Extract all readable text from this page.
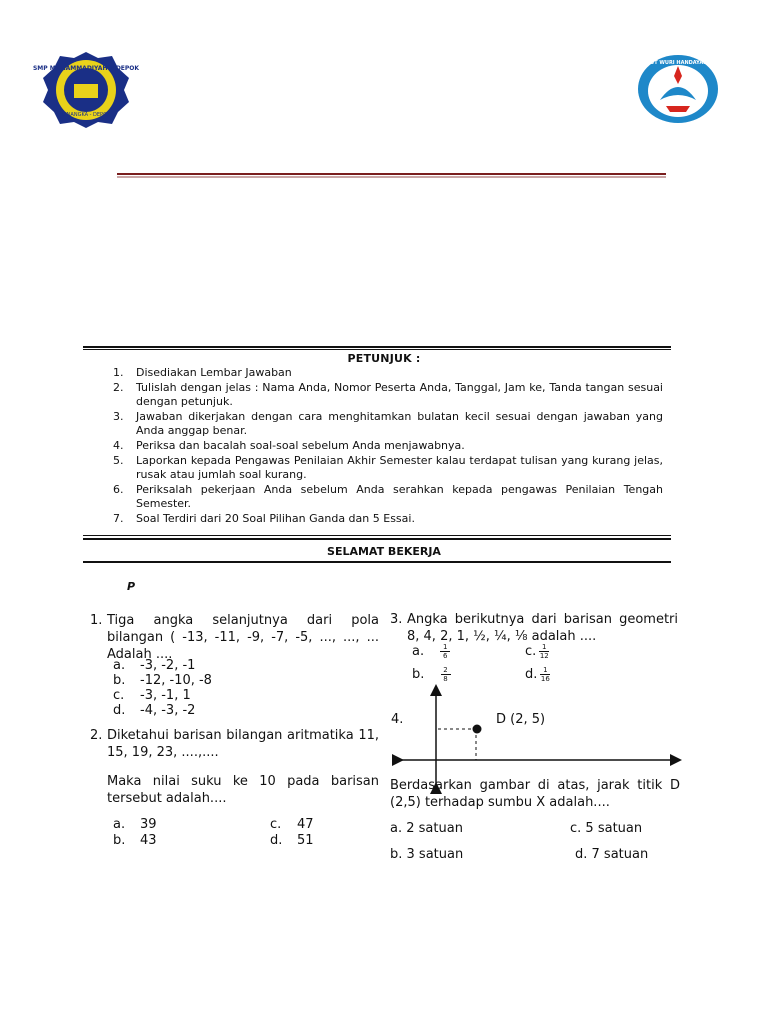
SMP MUHAMMADIYAH 3 DEPOK
CINANGKA - DEPOK
TUT WURI HANDAYANI
PETUNJUK :
1. Disediakan Lembar Jawaban
2. Tulislah dengan jelas : Nama Anda, Nomor Peserta Anda, Tanggal, Jam ke, Tanda tangan sesuai dengan petunjuk.
3. Jawaban dikerjakan dengan cara menghitamkan bulatan kecil sesuai dengan jawaban yang Anda anggap benar.
4. Periksa dan bacalah soal-soal sebelum Anda menjawabnya.
5. Laporkan kepada Pengawas Penilaian Akhir Semester kalau terdapat tulisan yang kurang jelas, rusak atau jumlah soal kurang.
6. Periksalah pekerjaan Anda sebelum Anda serahkan kepada pengawas Penilaian Tengah Semester.
7. Soal Terdiri dari 20 Soal Pilihan Ganda dan 5 Essai.
SELAMAT BEKERJA
P
1. Tiga angka selanjutnya dari pola bilangan ( -13, -11, -9, -7, -5, ..., ..., ... Adalah ....
a. -3, -2, -1
b. -12, -10, -8
c. -3, -1, 1
d. -4, -3, -2
2. Diketahui barisan bilangan aritmatika 11, 15, 19, 23, ....,....
Maka nilai suku ke 10 pada barisan tersebut adalah....
a. 39
b. 43
c. 47
d. 51
3. Angka berikutnya dari barisan geometri 8, 4, 2, 1, ½, ¼, ⅛ adalah ....
a. $\frac{1}{6}$
b. $\frac{2}{8}$
c. $\frac{1}{12}$
d. $\frac{1}{16}$
4.	D (2, 5)
Berdasarkan gambar di atas, jarak titik D (2,5) terhadap sumbu X adalah....
a. 2 satuan
b. 3 satuan
c. 5 satuan
d. 7 satuan
